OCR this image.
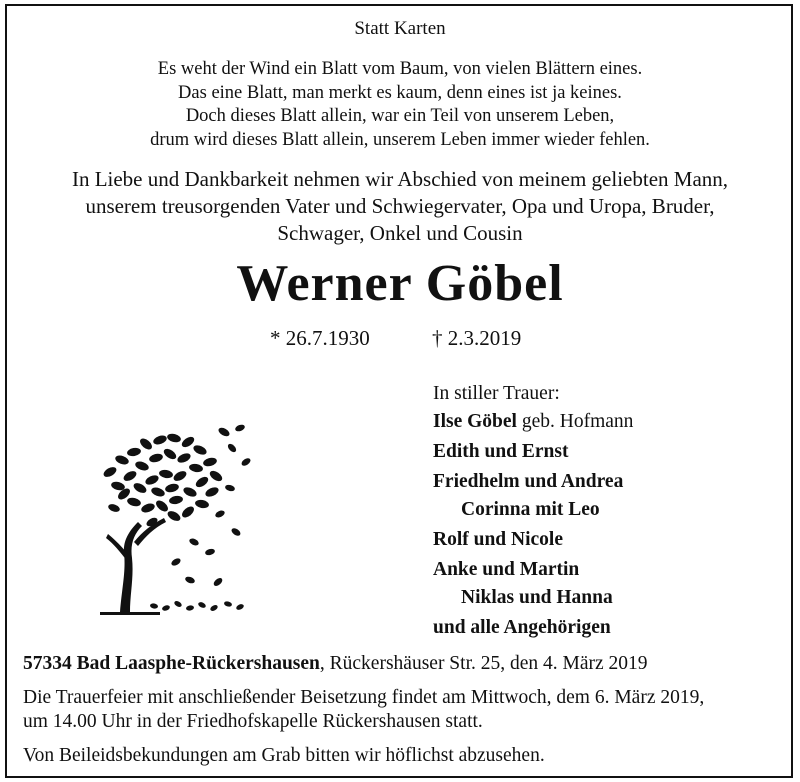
Statt Karten
Es weht der Wind ein Blatt vom Baum, von vielen Blättern eines.
Das eine Blatt, man merkt es kaum, denn eines ist ja keines.
Doch dieses Blatt allein, war ein Teil von unserem Leben,
drum wird dieses Blatt allein, unserem Leben immer wieder fehlen.
In Liebe und Dankbarkeit nehmen wir Abschied von meinem geliebten Mann,
unserem treusorgenden Vater und Schwiegervater, Opa und Uropa, Bruder,
Schwager, Onkel und Cousin
Werner Göbel
* 26.7.1930	† 2.3.2019
In stiller Trauer:
Ilse Göbel geb. Hofmann
Edith und Ernst
Friedhelm und Andrea
Corinna mit Leo
Rolf und Nicole
Anke und Martin
Niklas und Hanna
und alle Angehörigen
57334 Bad Laasphe-Rückershausen, Rückershäuser Str. 25, den 4. März 2019
Die Trauerfeier mit anschließender Beisetzung findet am Mittwoch, dem 6. März 2019,
um 14.00 Uhr in der Friedhofskapelle Rückershausen statt.
Von Beileidsbekundungen am Grab bitten wir höflichst abzusehen.
